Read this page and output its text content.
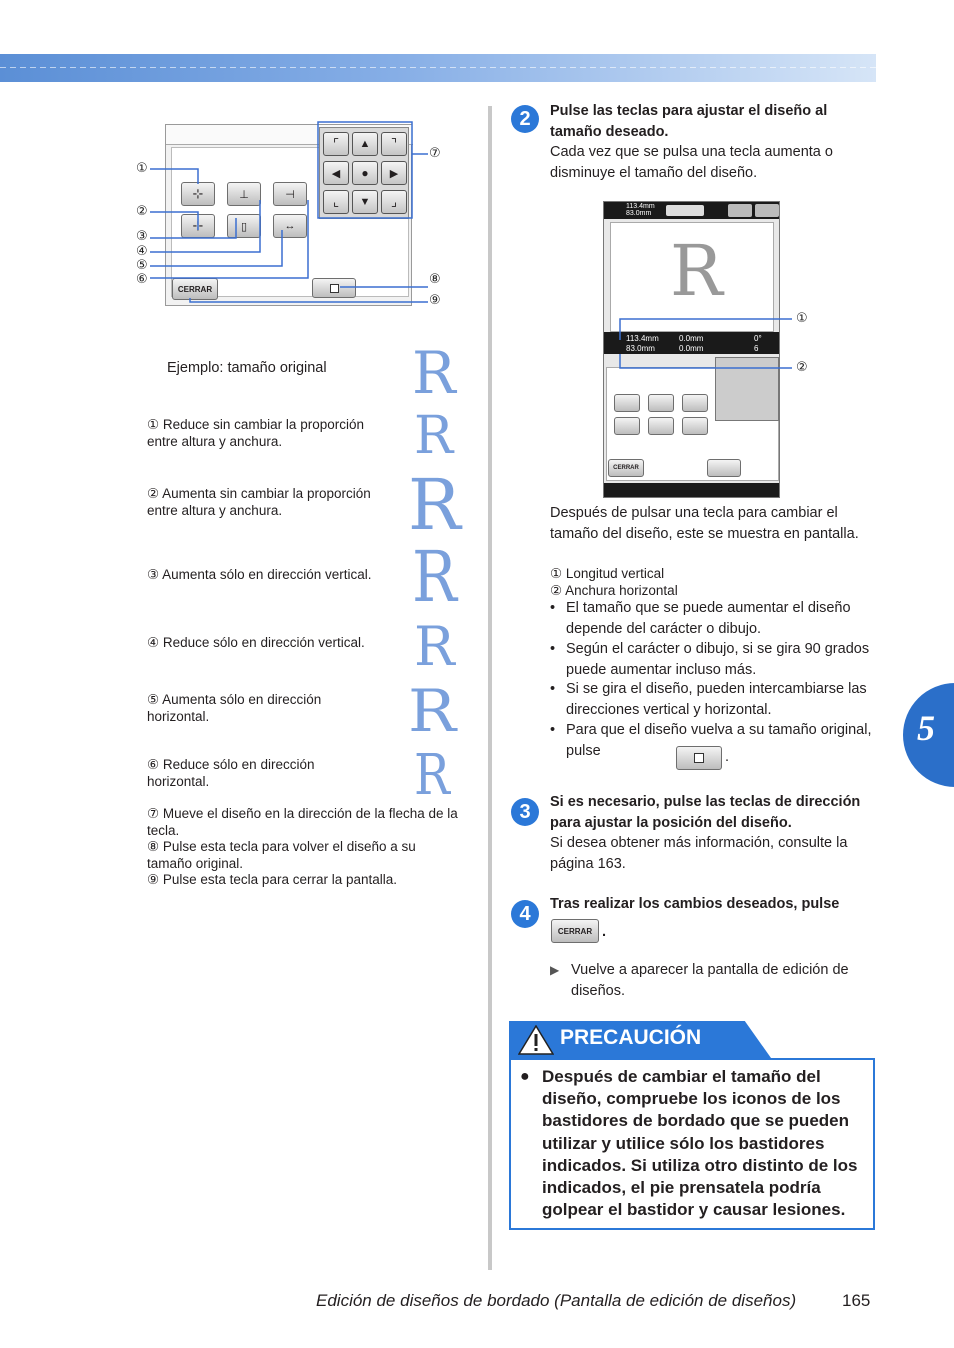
5
⊹
⊹
⊥
▯
⊣
↔
⌜ ▲ ⌝
◀ ● ▶
⌞ ▼ ⌟
CERRAR
①
②
③
④
⑤
⑥
⑦
⑧
⑨
Ejemplo: tamaño original R
① Reduce sin cambiar la proporción entre altura y anchura.	R
② Aumenta sin cambiar la proporción entre altura y anchura.	R
③ Aumenta sólo en dirección vertical. R
④ Reduce sólo en dirección vertical. R
⑤ Aumenta sólo en dirección horizontal.	R
⑥ Reduce sólo en dirección horizontal.	R
⑦ Mueve el diseño en la dirección de la flecha de la tecla.
⑧ Pulse esta tecla para volver el diseño a su tamaño original.
⑨ Pulse esta tecla para cerrar la pantalla.
2	Pulse las teclas para ajustar el diseño al tamaño deseado.
Cada vez que se pulsa una tecla aumenta o disminuye el tamaño del diseño.
113.4mm
83.0mm
R
113.4mm
83.0mm
0.0mm
0.0mm
0°
6
CERRAR
①
②
Después de pulsar una tecla para cambiar el tamaño del diseño, este se muestra en pantalla.
① Longitud vertical
② Anchura horizontal
• El tamaño que se puede aumentar el diseño depende del carácter o dibujo.
• Según el carácter o dibujo, si se gira 90 grados puede aumentar incluso más.
• Si se gira el diseño, pueden intercambiarse las direcciones vertical y horizontal.
• Para que el diseño vuelva a su tamaño original, pulse	.
3	Si es necesario, pulse las teclas de dirección para ajustar la posición del diseño.
Si desea obtener más información, consulte la página 163.
4	Tras realizar los cambios deseados, pulse
CERRAR .
▶ Vuelve a aparecer la pantalla de edición de diseños.
PRECAUCIÓN
● Después de cambiar el tamaño del diseño, compruebe los iconos de los bastidores de bordado que se pueden utilizar y utilice sólo los bastidores indicados. Si utiliza otro distinto de los indicados, el pie prensatela podría golpear el bastidor y causar lesiones.
Edición de diseños de bordado (Pantalla de edición de diseños)	165
